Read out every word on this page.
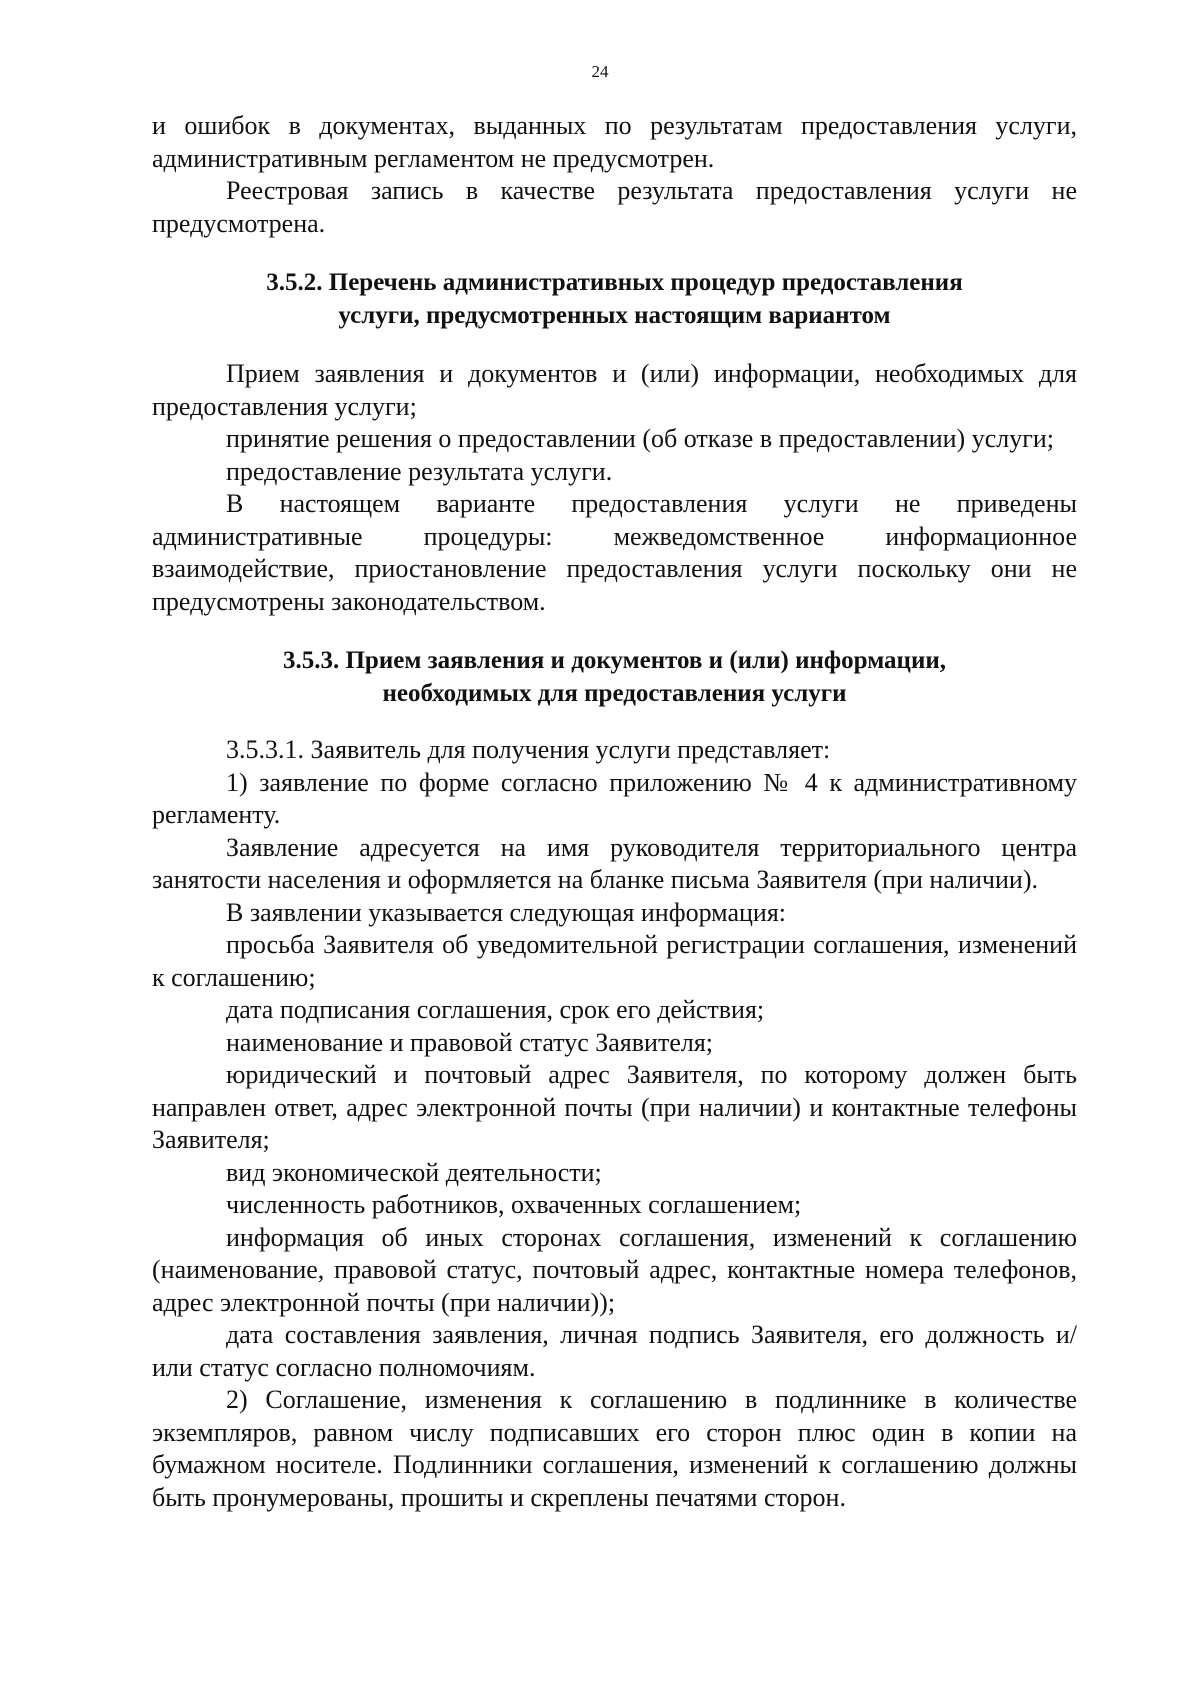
24

и ошибок в документах, выданных по результатам предоставления услуги, административным регламентом не предусмотрен.

Реестровая запись в качестве результата предоставления услуги не предусмотрена.

3.5.2. Перечень административных процедур предоставления
услуги, предусмотренных настоящим вариантом

Прием заявления и документов и (или) информации, необходимых для предоставления услуги;

принятие решения о предоставлении (об отказе в предоставлении) услуги;

предоставление результата услуги.

В настоящем варианте предоставления услуги не приведены административные процедуры: межведомственное информационное взаимодействие, приостановление предоставления услуги поскольку они не предусмотрены законодательством.

3.5.3. Прием заявления и документов и (или) информации,
необходимых для предоставления услуги

3.5.3.1. Заявитель для получения услуги представляет:

1) заявление по форме согласно приложению № 4 к административному регламенту.

Заявление адресуется на имя руководителя территориального центра занятости населения и оформляется на бланке письма Заявителя (при наличии).

В заявлении указывается следующая информация:

просьба Заявителя об уведомительной регистрации соглашения, изменений к соглашению;

дата подписания соглашения, срок его действия;

наименование и правовой статус Заявителя;

юридический и почтовый адрес Заявителя, по которому должен быть направлен ответ, адрес электронной почты (при наличии) и контактные телефоны Заявителя;

вид экономической деятельности;

численность работников, охваченных соглашением;

информация об иных сторонах соглашения, изменений к соглашению (наименование, правовой статус, почтовый адрес, контактные номера телефонов, адрес электронной почты (при наличии));

дата составления заявления, личная подпись Заявителя, его должность и/или статус согласно полномочиям.

2) Соглашение, изменения к соглашению в подлиннике в количестве экземпляров, равном числу подписавших его сторон плюс один в копии на бумажном носителе. Подлинники соглашения, изменений к соглашению должны быть пронумерованы, прошиты и скреплены печатями сторон.
